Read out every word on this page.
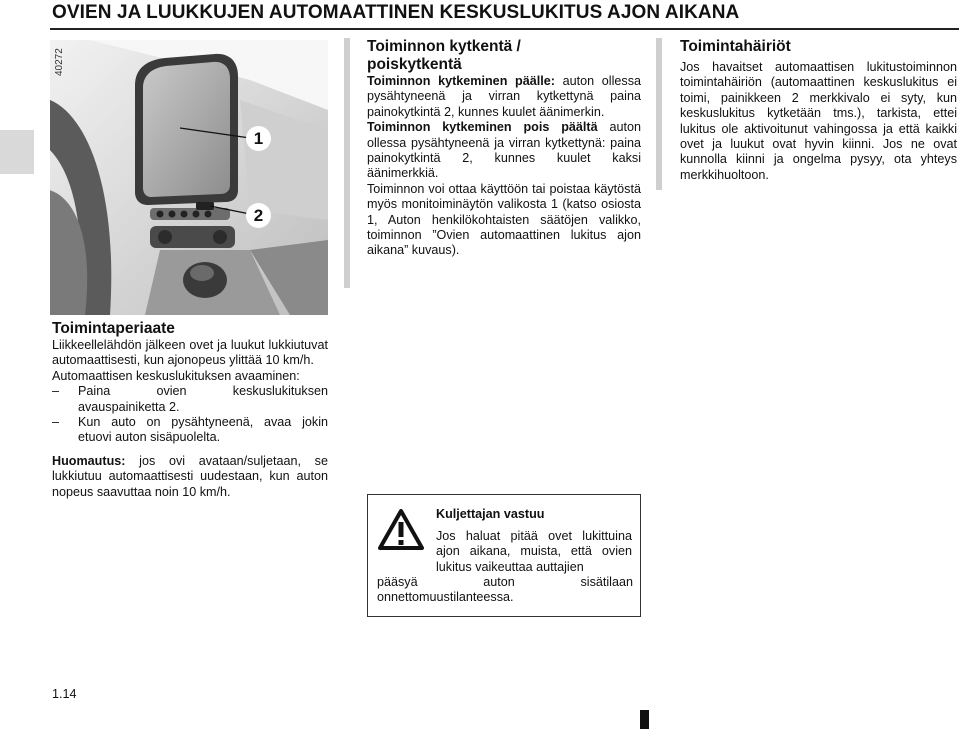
OVIEN JA LUUKKUJEN AUTOMAATTINEN KESKUSLUKITUS AJON AIKANA
40272
1
2
Toimintaperiaate

Liikkeellelähdön jälkeen ovet ja luukut lukkiutuvat automaattisesti, kun ajonopeus ylittää 10 km/h.

Automaattisen keskuslukituksen avaaminen:

–	Paina ovien keskuslukituksen avauspainiketta 2.
–	Kun auto on pysähtyneenä, avaa jokin etuovi auton sisäpuolelta.

Huomautus: jos ovi avataan/suljetaan, se lukkiutuu automaattisesti uudestaan, kun auton nopeus saavuttaa noin 10 km/h.

Toiminnon kytkentä / poiskytkentä

Toiminnon kytkeminen päälle: auton ollessa pysähtyneenä ja virran kytkettynä paina painokytkintä 2, kunnes kuulet äänimerkin.

Toiminnon kytkeminen pois päältä auton ollessa pysähtyneenä ja virran kytkettynä: paina painokytkintä 2, kunnes kuulet kaksi äänimerkkiä.

Toiminnon voi ottaa käyttöön tai poistaa käytöstä myös monitoiminäytön valikosta 1 (katso osiosta 1, Auton henkilökohtaisten säätöjen valikko, toiminnon ”Ovien automaattinen lukitus ajon aikana” kuvaus).

Kuljettajan vastuu
Jos haluat pitää ovet lukittuina ajon aikana, muista, että ovien lukitus vaikeuttaa auttajien
pääsyä auton sisätilaan onnettomuustilanteessa.
Toimintahäiriöt

Jos havaitset automaattisen lukitustoiminnon toimintahäiriön (automaattinen keskuslukitus ei toimi, painikkeen 2 merkkivalo ei syty, kun keskuslukitus kytketään tms.), tarkista, ettei lukitus ole aktivoitunut vahingossa ja että kaikki ovet ja luukut ovat hyvin kiinni. Jos ne ovat kunnolla kiinni ja ongelma pysyy, ota yhteys merkkihuoltoon.

1.14
